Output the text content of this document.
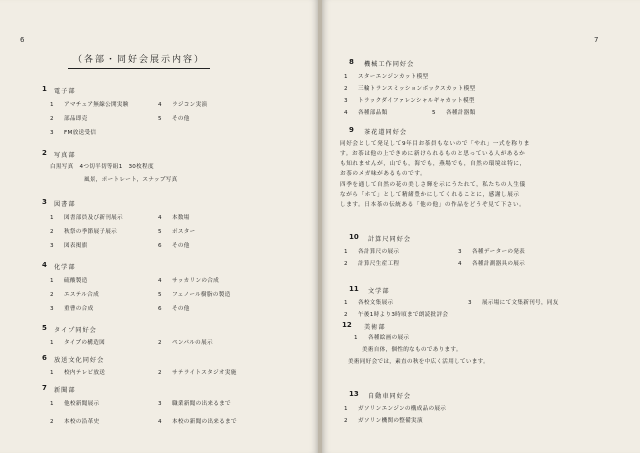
6
（各部・同好会展示内容）
1 電子部
1 アマチュア無線公開実験	4 ラジコン実演
2 部品即売	5 その他
3 FM放送受信
2 写真部
白黒写真　4つ切半切等組1　30枚程度
風景，ポートレート，スナップ写真
3 図書部
1 図書部員及び新刊展示	4 本数場
2 秋祭の季節展子展示	5 ポスター
3 図表掲旗	6 その他
4 化学部
1 硫酸製造	4 サッカリンの合成
2 エステル合成	5 フェノール樹脂の製造
3 重曹の合成	6 その他
5 タイプ同好会
1 タイプの構造図	2 ペンパルの展示
6 放送文化同好会
1 校内テレビ放送	2 サテライトスタジオ実施
7 新聞部
1 他校新聞展示	3 職業新聞の出来るまで
2 本校の沿革史	4 本校の新聞の出来るまで
7
8 機械工作同好会
1 スターエンジンカット模型
2 三輪トランスミッションボックスカット模型
3 トラックダイファレンシャルギャカット模型
4 各種部品類	5 各種計器類
9 茶花道同好会
同好会として発足して9年目お茶員もないので「やれ」一式を称りま
す。お茶は他の上できめに新けられるものと思っている人があるか
も知れませんが，山でも，海でも，燕場でも，自然の環境は特に，
お茶のメガ味があるものです。
四季を通して自然の花の美しさ輝を示にうたれて，私たちの人生儀
ながら「ホて」として精緒豊かにしてくれることに，感謝し展示
します。日本茶の伝統ある「他の他」の作品をどうぞ見て下さい。
10 計算尺同好会
1 各計算尺の展示	3 各種データーの発表
2 計算尺生産工程	4 各種計測器具の展示
11 文学部
1 各校文集展示	3 展示場にて文集新刊号，同友
2 午後1時より3時頃まで朗読批評会
12 美術部
1 各種絵画の展示
美術自体，個性的なものであります。
美術同好会では，素直の秋を中広く活用しています。
13 自動車同好会
1 ガソリンエンジンの構成品の展示
2 ガソリン機関の整備実演
